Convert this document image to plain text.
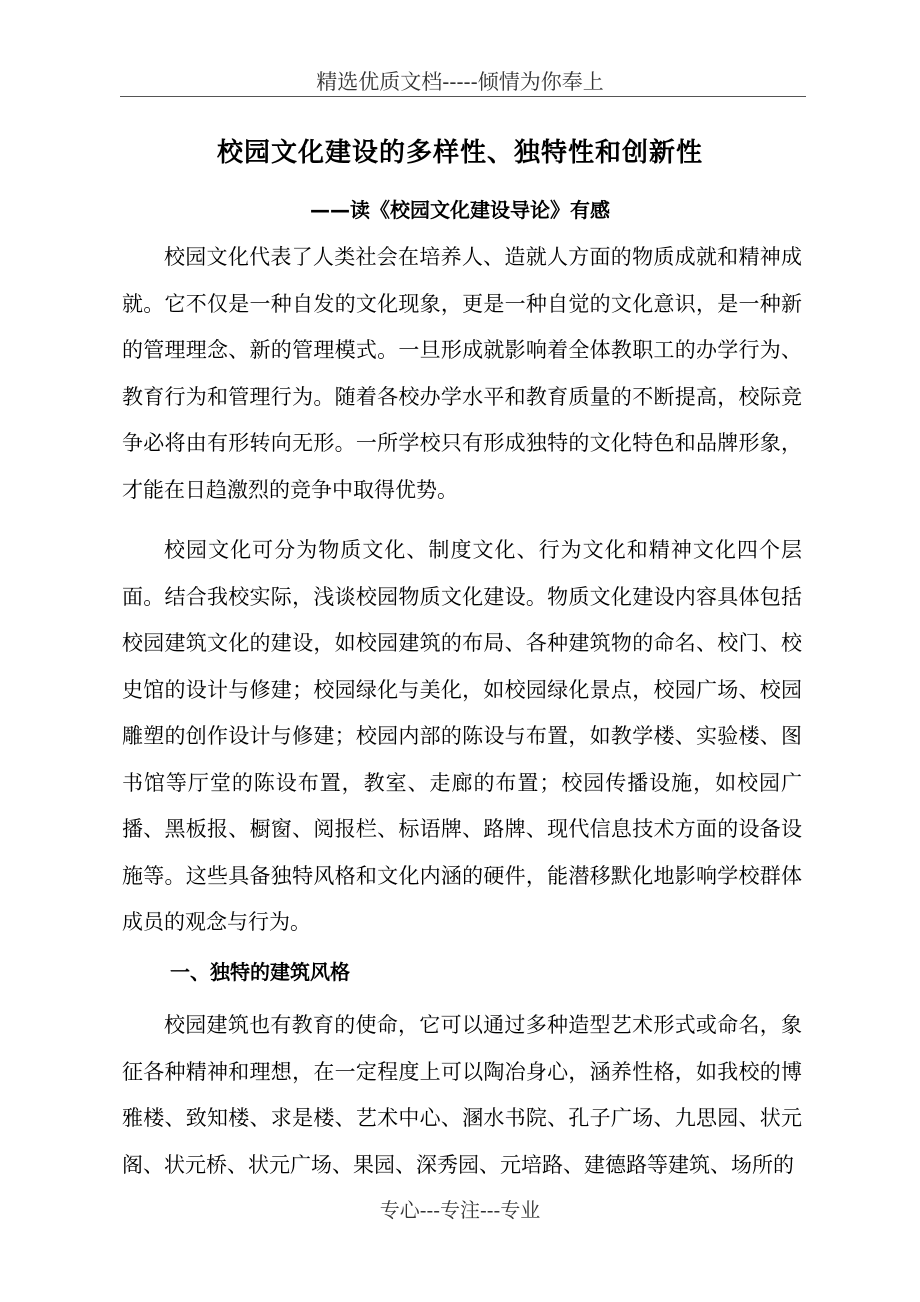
精选优质文档-----倾情为你奉上
校园文化建设的多样性、独特性和创新性
——读《校园文化建设导论》有感

校园文化代表了人类社会在培养人、造就人方面的物质成就和精神成就。它不仅是一种自发的文化现象，更是一种自觉的文化意识，是一种新的管理理念、新的管理模式。一旦形成就影响着全体教职工的办学行为、教育行为和管理行为。随着各校办学水平和教育质量的不断提高，校际竞争必将由有形转向无形。一所学校只有形成独特的文化特色和品牌形象，才能在日趋激烈的竞争中取得优势。

校园文化可分为物质文化、制度文化、行为文化和精神文化四个层面。结合我校实际，浅谈校园物质文化建设。物质文化建设内容具体包括校园建筑文化的建设，如校园建筑的布局、各种建筑物的命名、校门、校史馆的设计与修建；校园绿化与美化，如校园绿化景点，校园广场、校园雕塑的创作设计与修建；校园内部的陈设与布置，如教学楼、实验楼、图书馆等厅堂的陈设布置，教室、走廊的布置；校园传播设施，如校园广播、黑板报、橱窗、阅报栏、标语牌、路牌、现代信息技术方面的设备设施等。这些具备独特风格和文化内涵的硬件，能潜移默化地影响学校群体成员的观念与行为。

一、独特的建筑风格

校园建筑也有教育的使命，它可以通过多种造型艺术形式或命名，象征各种精神和理想，在一定程度上可以陶冶身心，涵养性格，如我校的博雅楼、致知楼、求是楼、艺术中心、溷水书院、孔子广场、九思园、状元阁、状元桥、状元广场、果园、深秀园、元培路、建德路等建筑、场所的

专心---专注---专业
